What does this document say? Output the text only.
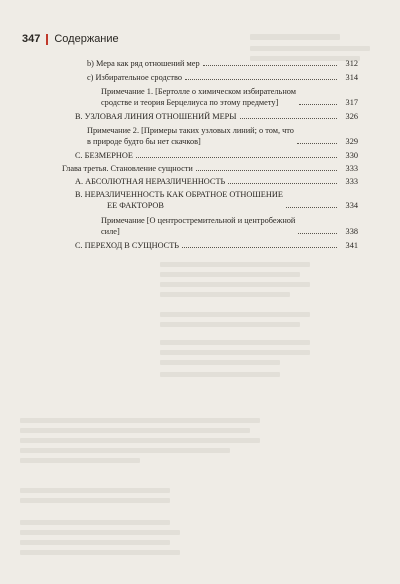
347 Содержание
b) Мера как ряд отношений мер	312
c) Избирательное сродство	314
Примечание 1. [Бертолле о химическом избирательном
сродстве и теория Берцелиуса по этому предмету]	317
B. УЗЛОВАЯ ЛИНИЯ ОТНОШЕНИЙ МЕРЫ	326
Примечание 2. [Примеры таких узловых линий; о том, что
в природе будто бы нет скачков]	329
C. БЕЗМЕРНОЕ	330
Глава третья. Становление сущности	333
A. АБСОЛЮТНАЯ НЕРАЗЛИЧЕННОСТЬ	333
B. НЕРАЗЛИЧЕННОСТЬ КАК ОБРАТНОЕ ОТНОШЕНИЕ
ЕЕ ФАКТОРОВ	334
Примечание [О центростремительной и центробежной
силе]	338
C. ПЕРЕХОД В СУЩНОСТЬ	341
